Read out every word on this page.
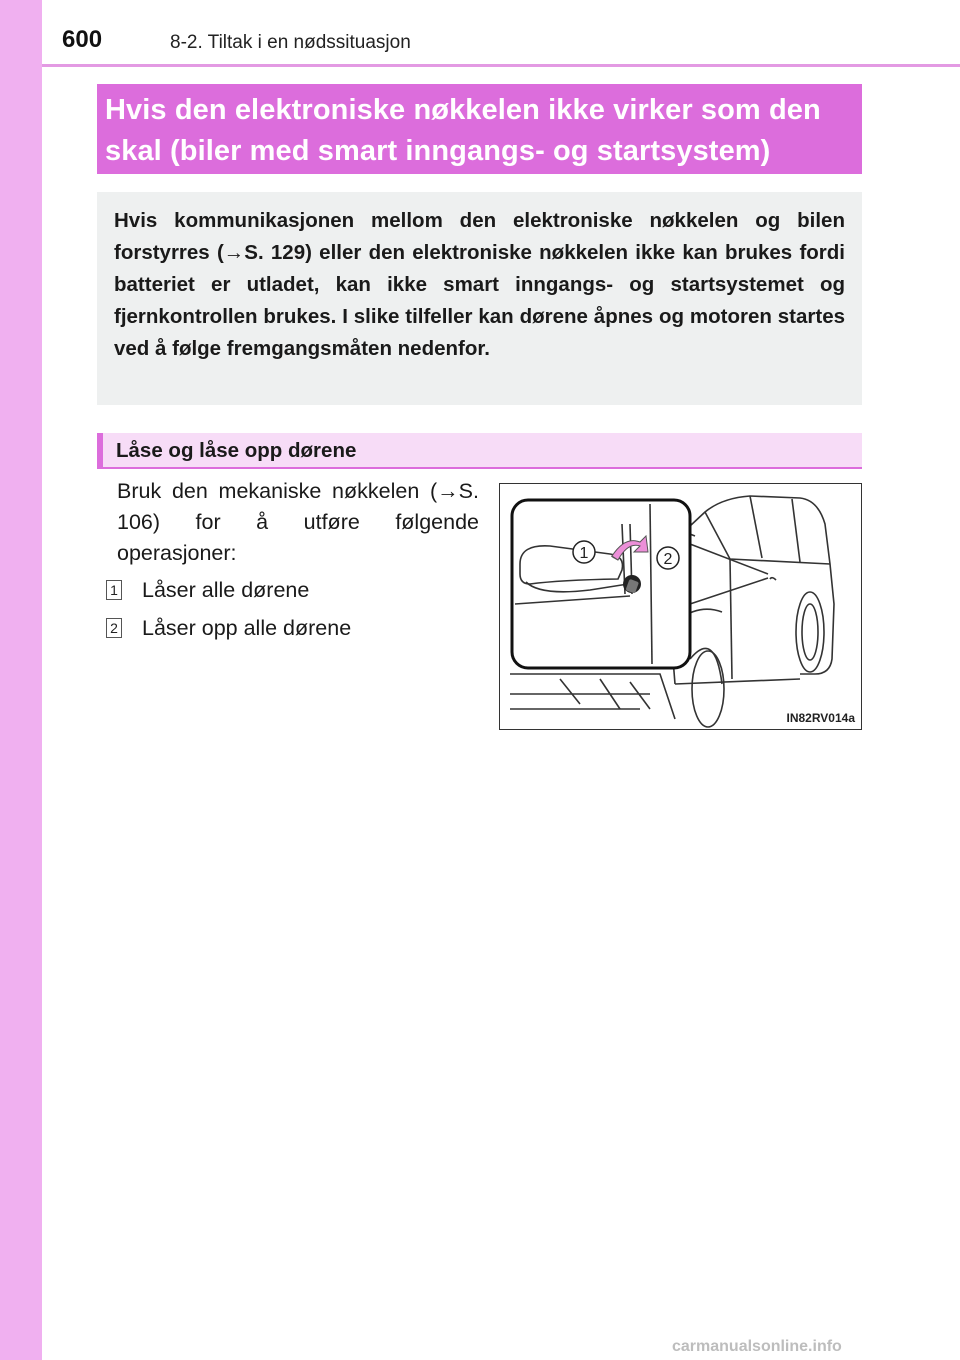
600	8-2. Tiltak i en nødssituasjon
Hvis den elektroniske nøkkelen ikke virker som den
skal (biler med smart inngangs- og startsystem)

Hvis kommunikasjonen mellom den elektroniske nøkkelen og bilen forstyrres (→S. 129) eller den elektroniske nøkkelen ikke kan brukes fordi batteriet er utladet, kan ikke smart inngangs- og startsystemet og fjernkontrollen brukes. I slike tilfeller kan dørene åpnes og motoren startes ved å følge fremgangsmåten nedenfor.

Låse og låse opp dørene

Bruk den mekaniske nøkkelen (→S. 106) for å utføre følgende operasjoner:

1 Låser alle dørene
2 Låser opp alle dørene
1	2
IN82RV014a
carmanualsonline.info
